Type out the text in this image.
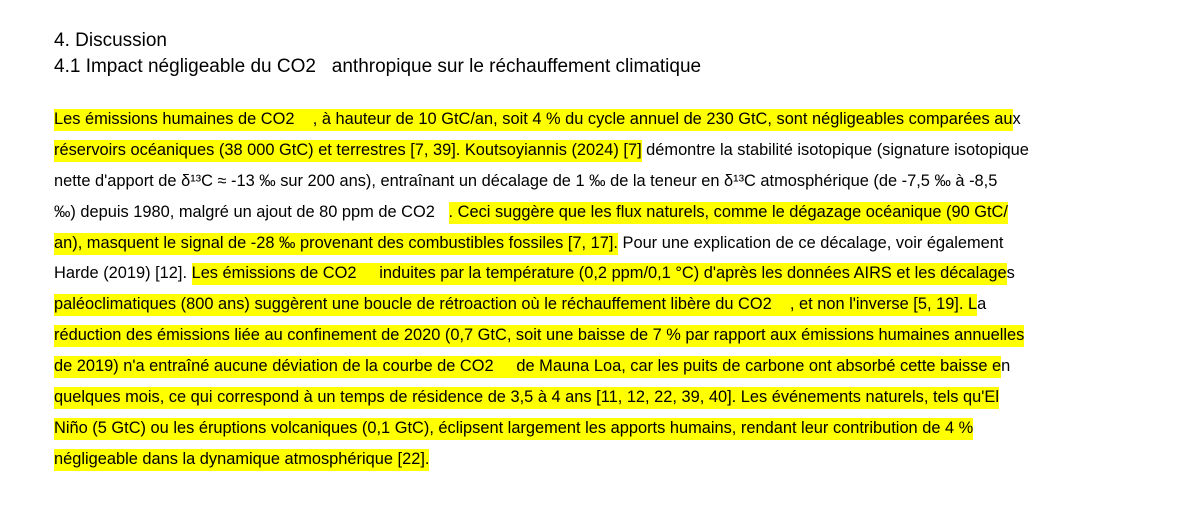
4. Discussion
4.1 Impact négligeable du CO2   anthropique sur le réchauffement climatique
Les émissions humaines de CO2    , à hauteur de 10 GtC/an, soit 4 % du cycle annuel de 230 GtC, sont négligeables comparées aux
réservoirs océaniques (38 000 GtC) et terrestres [7, 39]. Koutsoyiannis (2024) [7] démontre la stabilité isotopique (signature isotopique
nette d'apport de δ¹³C ≈ -13 ‰ sur 200 ans), entraînant un décalage de 1 ‰ de la teneur en δ¹³C atmosphérique (de -7,5 ‰ à -8,5
‰) depuis 1980, malgré un ajout de 80 ppm de CO2   . Ceci suggère que les flux naturels, comme le dégazage océanique (90 GtC/
an), masquent le signal de -28 ‰ provenant des combustibles fossiles [7, 17]. Pour une explication de ce décalage, voir également
Harde (2019) [12]. Les émissions de CO2     induites par la température (0,2 ppm/0,1 °C) d'après les données AIRS et les décalages
paléoclimatiques (800 ans) suggèrent une boucle de rétroaction où le réchauffement libère du CO2    , et non l'inverse [5, 19]. La
réduction des émissions liée au confinement de 2020 (0,7 GtC, soit une baisse de 7 % par rapport aux émissions humaines annuelles
de 2019) n'a entraîné aucune déviation de la courbe de CO2     de Mauna Loa, car les puits de carbone ont absorbé cette baisse en
quelques mois, ce qui correspond à un temps de résidence de 3,5 à 4 ans [11, 12, 22, 39, 40]. Les événements naturels, tels qu'El
Niño (5 GtC) ou les éruptions volcaniques (0,1 GtC), éclipsent largement les apports humains, rendant leur contribution de 4 %
négligeable dans la dynamique atmosphérique [22].
